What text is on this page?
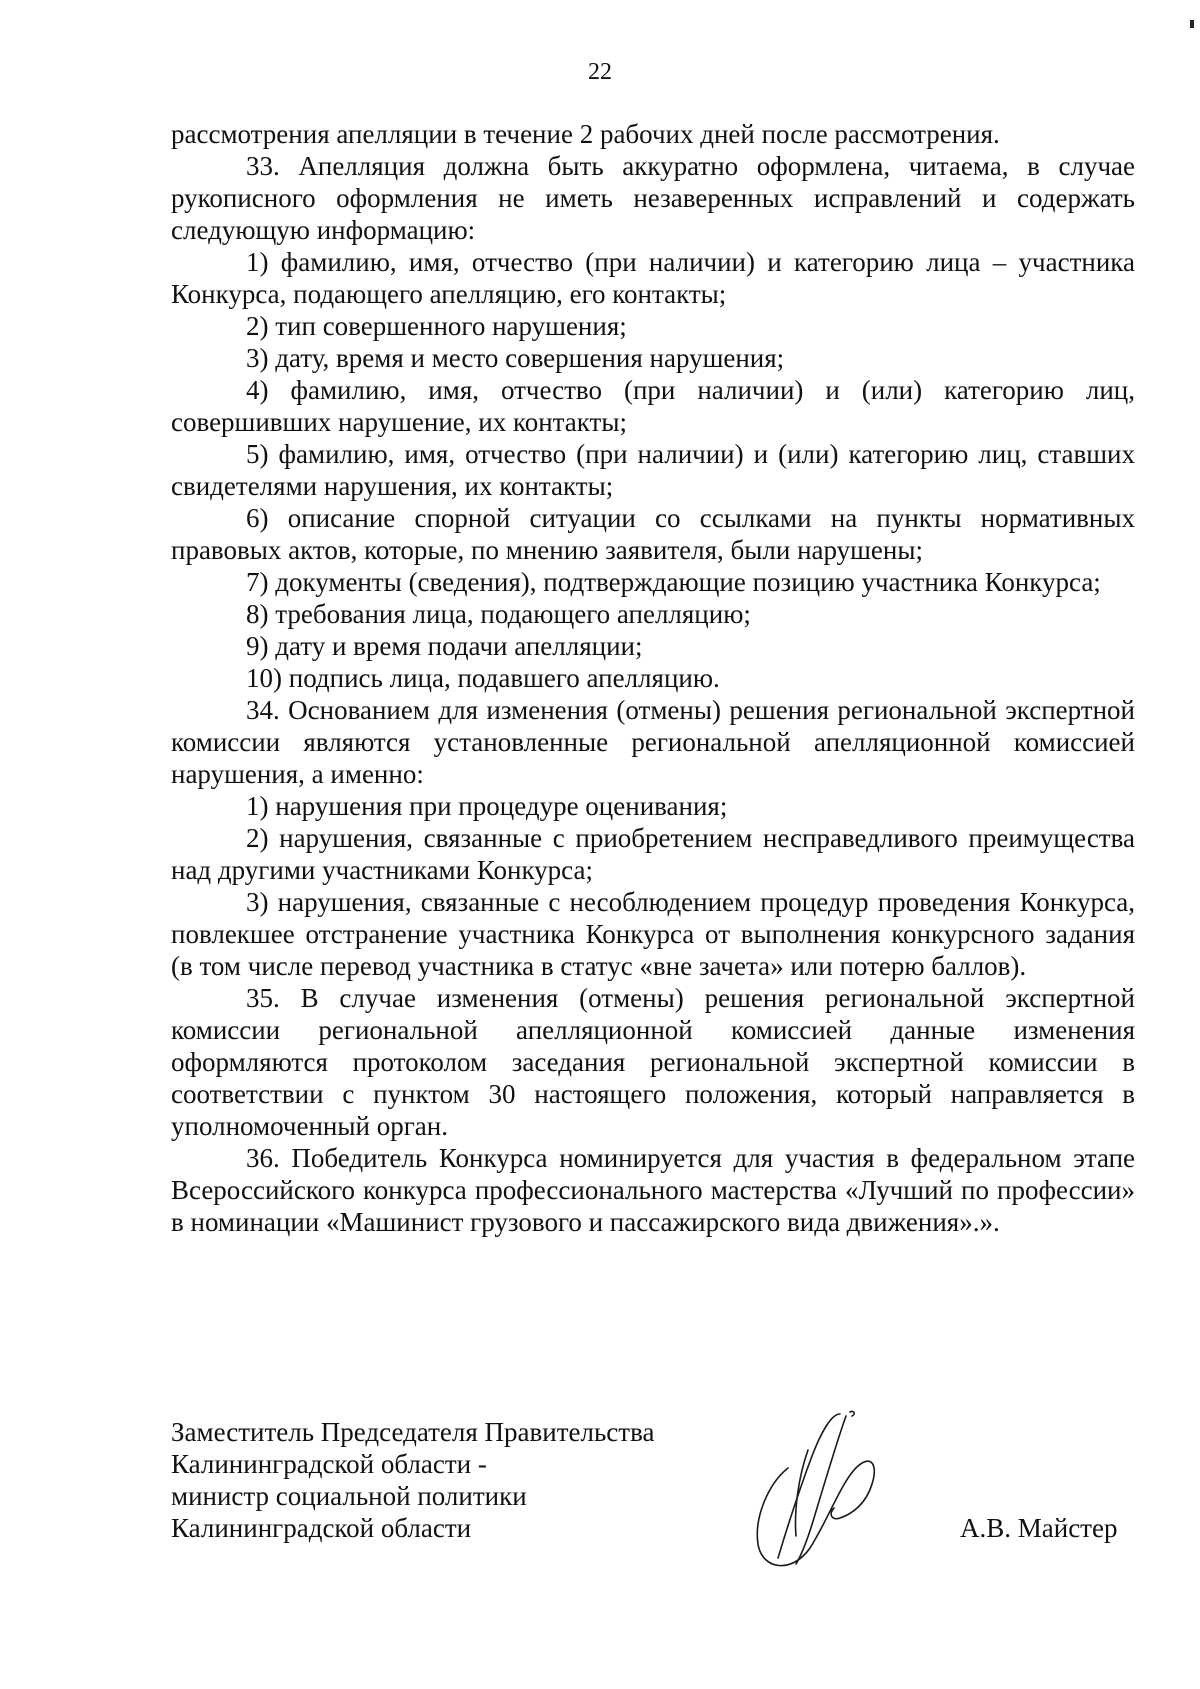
22

рассмотрения апелляции в течение 2 рабочих дней после рассмотрения.

33. Апелляция должна быть аккуратно оформлена, читаема, в случае рукописного оформления не иметь незаверенных исправлений и содержать следующую информацию:

1) фамилию, имя, отчество (при наличии) и категорию лица – участника Конкурса, подающего апелляцию, его контакты;

2) тип совершенного нарушения;

3) дату, время и место совершения нарушения;

4) фамилию, имя, отчество (при наличии) и (или) категорию лиц, совершивших нарушение, их контакты;

5) фамилию, имя, отчество (при наличии) и (или) категорию лиц, ставших свидетелями нарушения, их контакты;

6) описание спорной ситуации со ссылками на пункты нормативных правовых актов, которые, по мнению заявителя, были нарушены;

7) документы (сведения), подтверждающие позицию участника Конкурса;

8) требования лица, подающего апелляцию;

9) дату и время подачи апелляции;

10) подпись лица, подавшего апелляцию.

34. Основанием для изменения (отмены) решения региональной экспертной комиссии являются установленные региональной апелляционной комиссией нарушения, а именно:

1) нарушения при процедуре оценивания;

2) нарушения, связанные с приобретением несправедливого преимущества над другими участниками Конкурса;

3) нарушения, связанные с несоблюдением процедур проведения Конкурса, повлекшее отстранение участника Конкурса от выполнения конкурсного задания (в том числе перевод участника в статус «вне зачета» или потерю баллов).

35. В случае изменения (отмены) решения региональной экспертной комиссии региональной апелляционной комиссией данные изменения оформляются протоколом заседания региональной экспертной комиссии в соответствии с пунктом 30 настоящего положения, который направляется в уполномоченный орган.

36. Победитель Конкурса номинируется для участия в федеральном этапе Всероссийского конкурса профессионального мастерства «Лучший по профессии» в номинации «Машинист грузового и пассажирского вида движения».».

Заместитель Председателя Правительства
Калининградской области -
министр социальной политики
Калининградской области	А.В. Майстер
